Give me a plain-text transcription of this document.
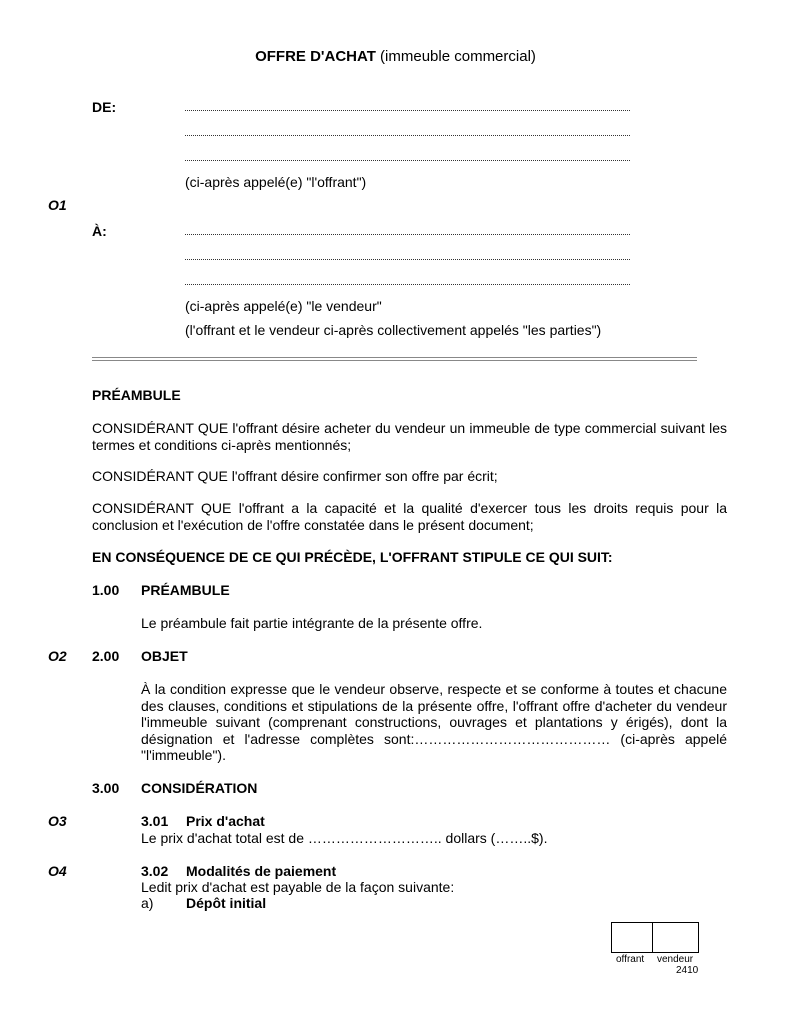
OFFRE D'ACHAT (immeuble commercial)
DE:
(ci-après appelé(e) "l'offrant")
O1
À:
(ci-après appelé(e) "le vendeur"
(l'offrant et le vendeur ci-après collectivement appelés "les parties")
PRÉAMBULE
CONSIDÉRANT QUE l'offrant désire acheter du vendeur un immeuble de type commercial suivant les termes et conditions ci-après mentionnés;
CONSIDÉRANT QUE l'offrant désire confirmer son offre par écrit;
CONSIDÉRANT QUE l'offrant a la capacité et la qualité d'exercer tous les droits requis pour la conclusion et l'exécution de l'offre constatée dans le présent document;
EN CONSÉQUENCE DE CE QUI PRÉCÈDE, L'OFFRANT STIPULE CE QUI SUIT:
1.00 PRÉAMBULE
Le préambule fait partie intégrante de la présente offre.
O2 2.00 OBJET
À la condition expresse que le vendeur observe, respecte et se conforme à toutes et chacune des clauses, conditions et stipulations de la présente offre, l'offrant offre d'acheter du vendeur l'immeuble suivant (comprenant constructions, ouvrages et plantations y érigés), dont la désignation et l'adresse complètes sont:…………………………………… (ci-après appelé "l'immeuble").
3.00 CONSIDÉRATION
O3	3.01 Prix d'achat
Le prix d'achat total est de ……………………….. dollars (……..$).
O4	3.02 Modalités de paiement
Ledit prix d'achat est payable de la façon suivante:
a) Dépôt initial
offrant vendeur
2410
